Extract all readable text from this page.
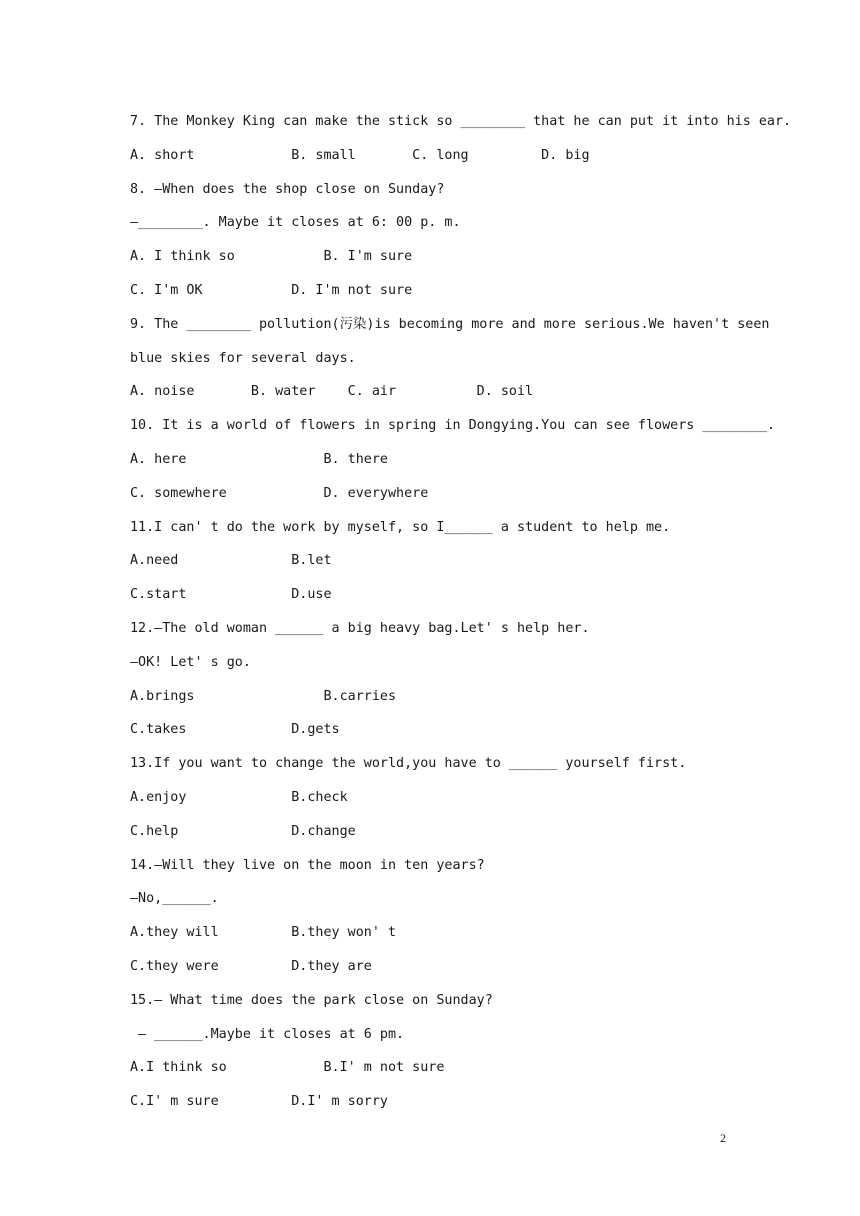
7. The Monkey King can make the stick so ________ that he can put it into his ear.
A. short            B. small       C. long         D. big
8. —When does the shop close on Sunday?
—________. Maybe it closes at 6: 00 p. m.
A. I think so           B. I'm sure
C. I'm OK           D. I'm not sure
9. The ________ pollution(污染)is becoming more and more serious.We haven't seen
blue skies for several days.
A. noise       B. water    C. air          D. soil
10. It is a world of flowers in spring in Dongying.You can see flowers ________.
A. here                 B. there
C. somewhere            D. everywhere
11.I can' t do the work by myself, so I______ a student to help me.
A.need              B.let
C.start             D.use
12.—The old woman ______ a big heavy bag.Let' s help her.
—OK! Let' s go.
A.brings                B.carries
C.takes             D.gets
13.If you want to change the world,you have to ______ yourself first.
A.enjoy             B.check
C.help              D.change
14.—Will they live on the moon in ten years?
—No,______.
A.they will         B.they won' t
C.they were         D.they are
15.— What time does the park close on Sunday?
— ______.Maybe it closes at 6 pm.
A.I think so            B.I' m not sure
C.I' m sure         D.I' m sorry
2
